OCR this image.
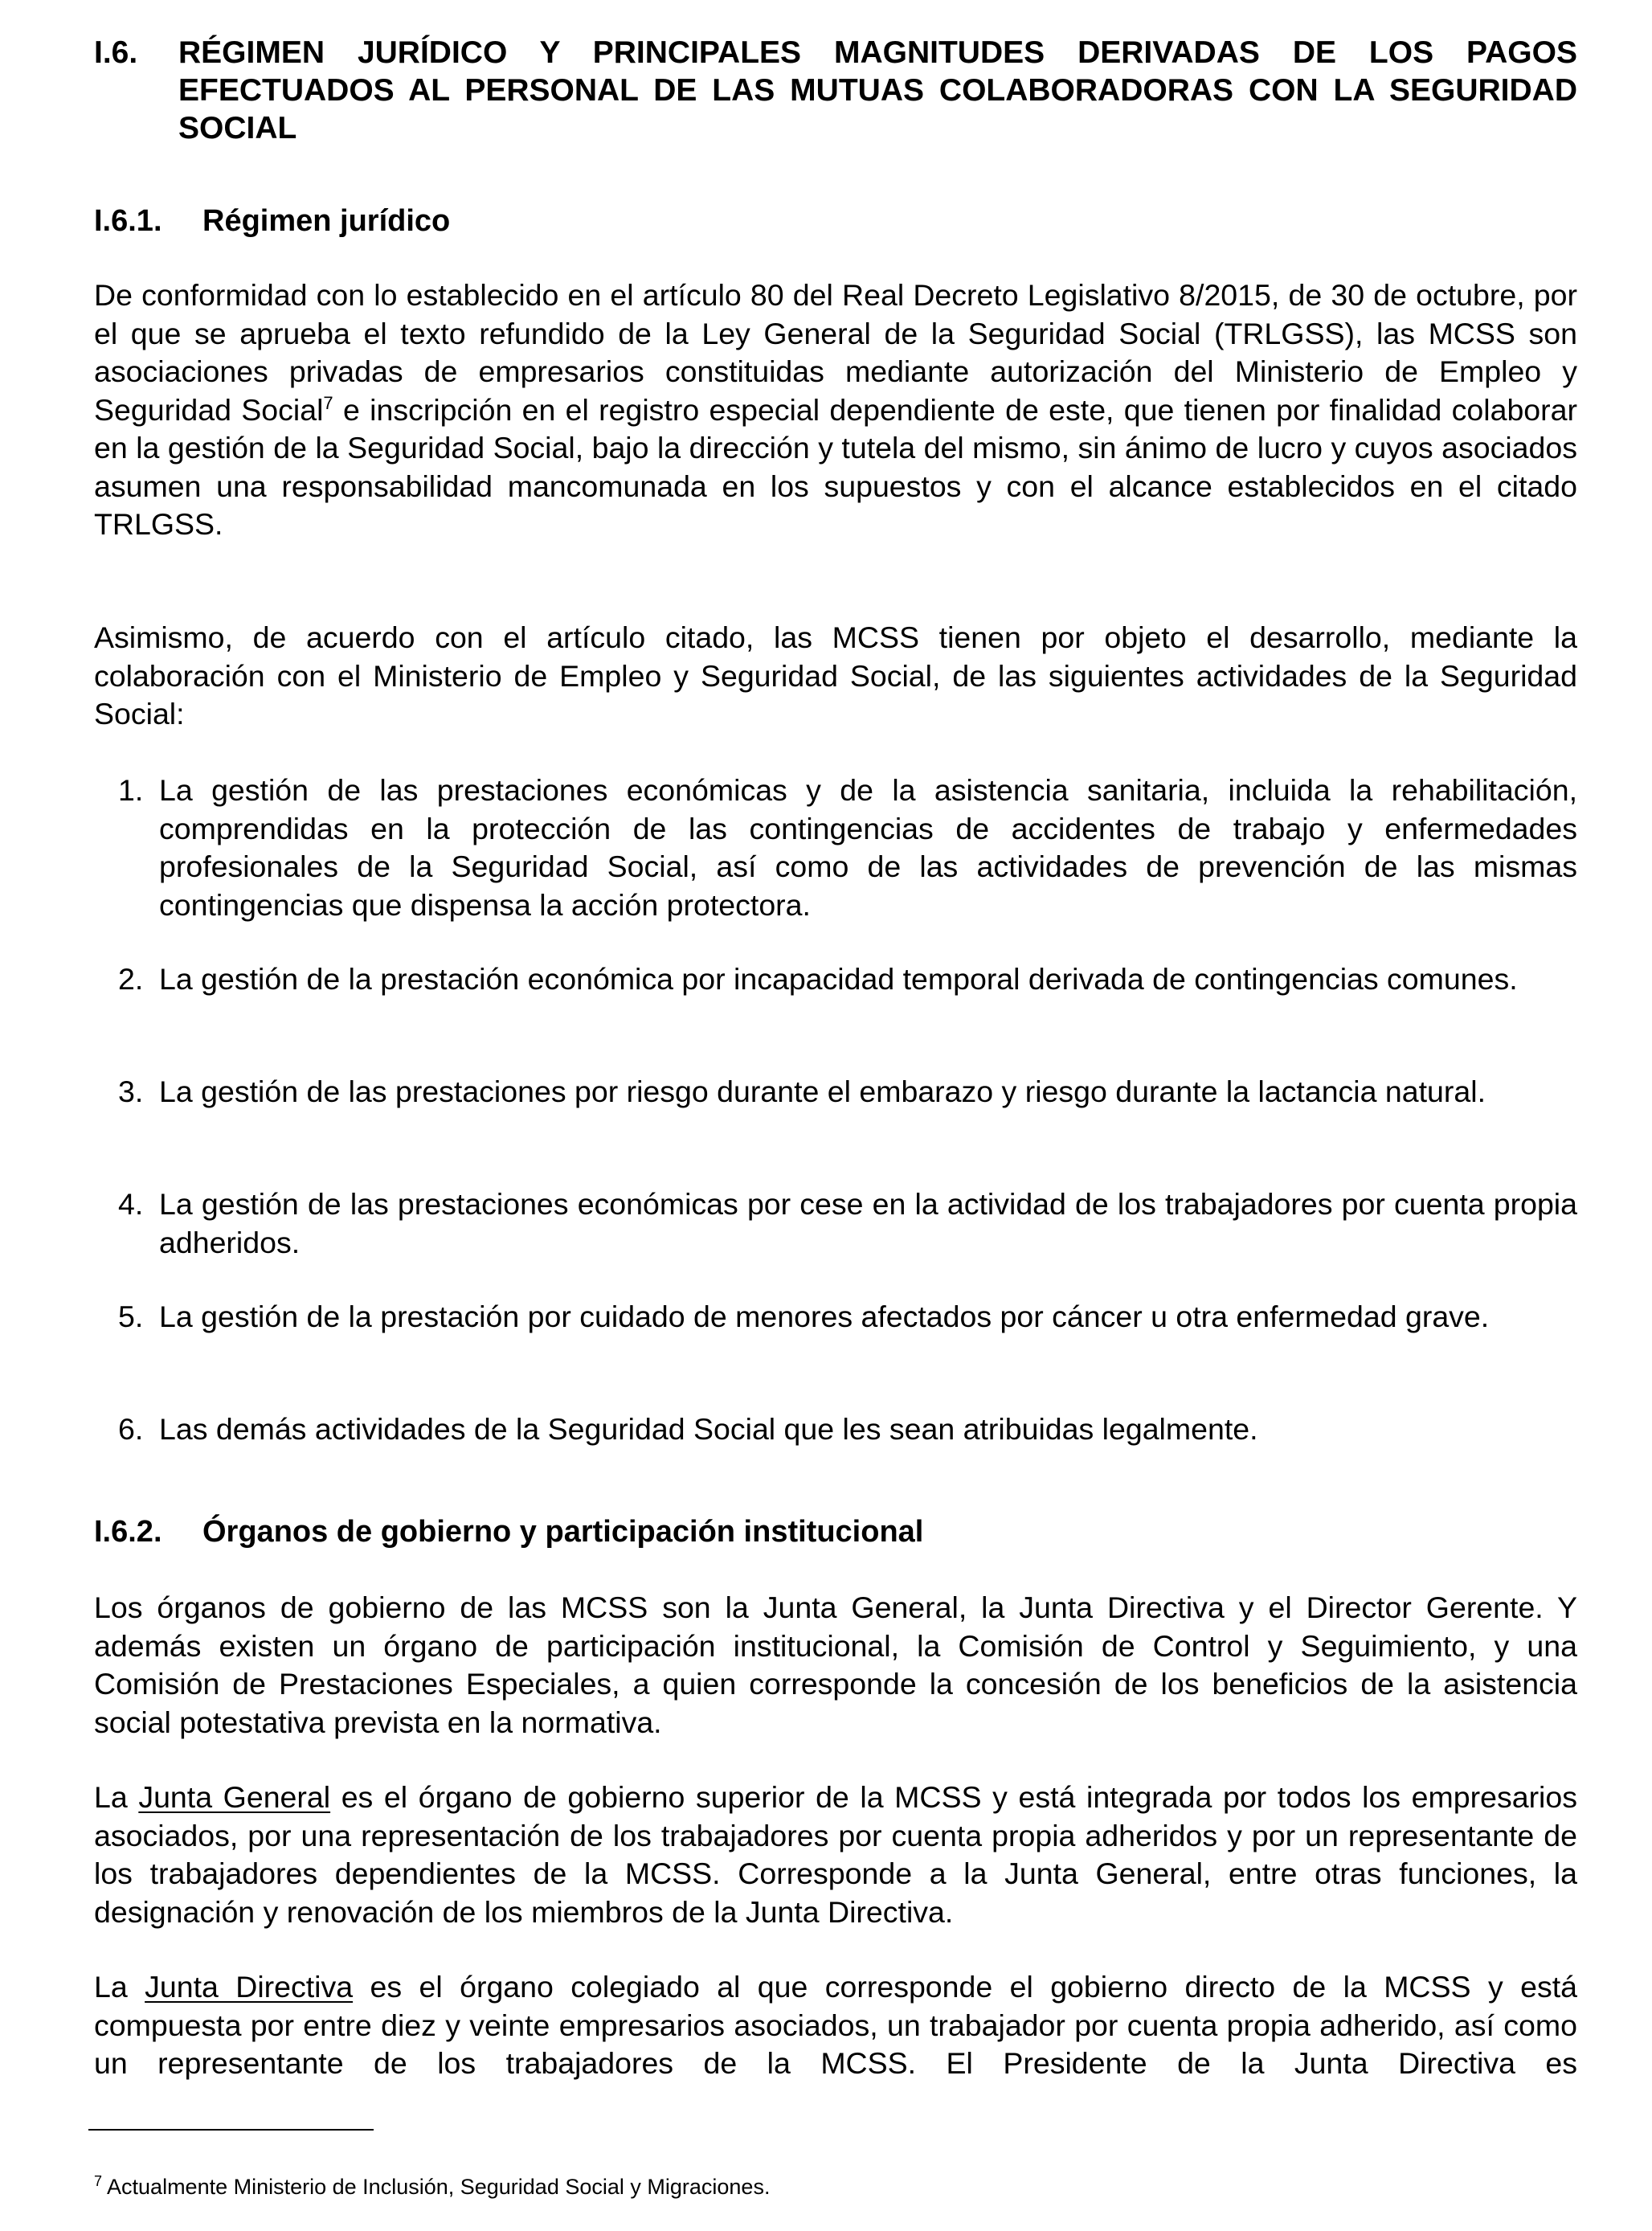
I.6.	RÉGIMEN JURÍDICO Y PRINCIPALES MAGNITUDES DERIVADAS DE LOS PAGOS EFECTUADOS AL PERSONAL DE LAS MUTUAS COLABORADORAS CON LA SEGURIDAD SOCIAL
I.6.1.	Régimen jurídico

De conformidad con lo establecido en el artículo 80 del Real Decreto Legislativo 8/2015, de 30 de octubre, por el que se aprueba el texto refundido de la Ley General de la Seguridad Social (TRLGSS), las MCSS son asociaciones privadas de empresarios constituidas mediante autorización del Ministerio de Empleo y Seguridad Social$^7$ e inscripción en el registro especial dependiente de este, que tienen por finalidad colaborar en la gestión de la Seguridad Social, bajo la dirección y tutela del mismo, sin ánimo de lucro y cuyos asociados asumen una responsabilidad mancomunada en los supuestos y con el alcance establecidos en el citado TRLGSS.

Asimismo, de acuerdo con el artículo citado, las MCSS tienen por objeto el desarrollo, mediante la colaboración con el Ministerio de Empleo y Seguridad Social, de las siguientes actividades de la Seguridad Social:

1. La gestión de las prestaciones económicas y de la asistencia sanitaria, incluida la rehabilitación, comprendidas en la protección de las contingencias de accidentes de trabajo y enfermedades profesionales de la Seguridad Social, así como de las actividades de prevención de las mismas contingencias que dispensa la acción protectora.
2. La gestión de la prestación económica por incapacidad temporal derivada de contingencias comunes.
3. La gestión de las prestaciones por riesgo durante el embarazo y riesgo durante la lactancia natural.
4. La gestión de las prestaciones económicas por cese en la actividad de los trabajadores por cuenta propia adheridos.
5. La gestión de la prestación por cuidado de menores afectados por cáncer u otra enfermedad grave.
6. Las demás actividades de la Seguridad Social que les sean atribuidas legalmente.
I.6.2.	Órganos de gobierno y participación institucional

Los órganos de gobierno de las MCSS son la Junta General, la Junta Directiva y el Director Gerente. Y además existen un órgano de participación institucional, la Comisión de Control y Seguimiento, y una Comisión de Prestaciones Especiales, a quien corresponde la concesión de los beneficios de la asistencia social potestativa prevista en la normativa.

La Junta General es el órgano de gobierno superior de la MCSS y está integrada por todos los empresarios asociados, por una representación de los trabajadores por cuenta propia adheridos y por un representante de los trabajadores dependientes de la MCSS. Corresponde a la Junta General, entre otras funciones, la designación y renovación de los miembros de la Junta Directiva.

La Junta Directiva es el órgano colegiado al que corresponde el gobierno directo de la MCSS y está compuesta por entre diez y veinte empresarios asociados, un trabajador por cuenta propia adherido, así como un representante de los trabajadores de la MCSS. El Presidente de la Junta Directiva es

$^7$ Actualmente Ministerio de Inclusión, Seguridad Social y Migraciones.
